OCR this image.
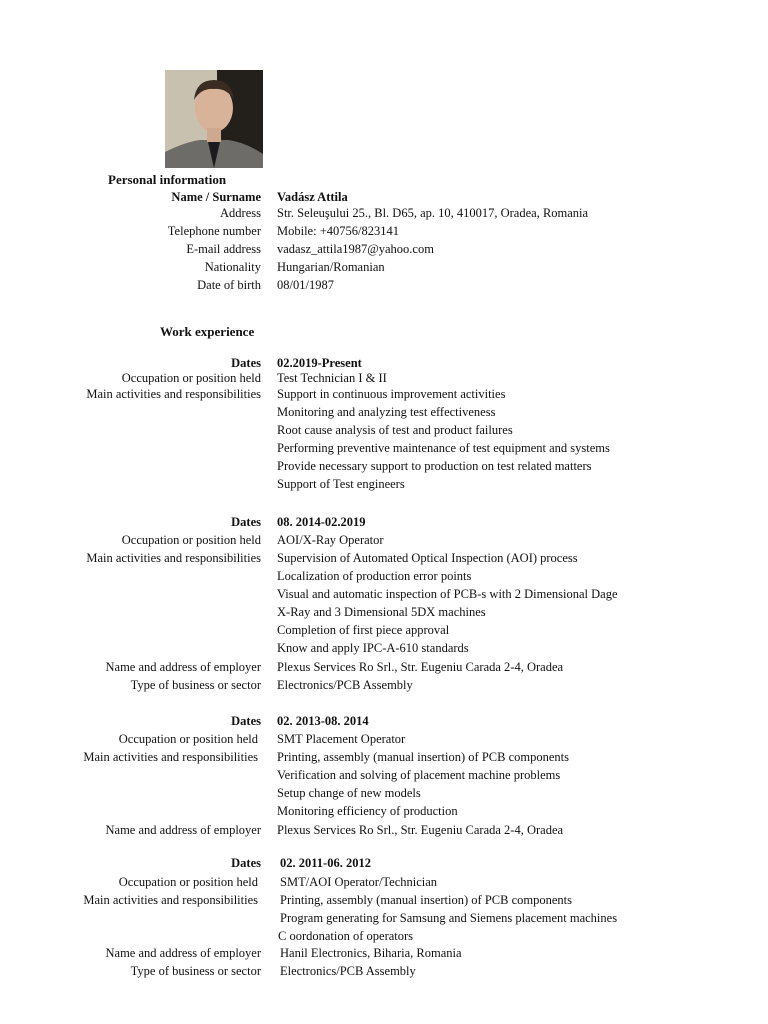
Personal information
Name / Surname Vadász Attila
Address Str. Seleuşului 25., Bl. D65, ap. 10, 410017, Oradea, Romania
Telephone number Mobile: +40756/823141
E-mail address vadasz_attila1987@yahoo.com
Nationality Hungarian/Romanian
Date of birth 08/01/1987
Work experience
Dates 02.2019-Present
Occupation or position held Test Technician I & II
Main activities and responsibilities Support in continuous improvement activities
Monitoring and analyzing test effectiveness
Root cause analysis of test and product failures
Performing preventive maintenance of test equipment and systems
Provide necessary support to production on test related matters
Support of Test engineers
Dates 08. 2014-02.2019
Occupation or position held AOI/X-Ray Operator
Main activities and responsibilities Supervision of Automated Optical Inspection (AOI) process
Localization of production error points
Visual and automatic inspection of PCB-s with 2 Dimensional Dage
X-Ray and 3 Dimensional 5DX machines
Completion of first piece approval
Know and apply IPC-A-610 standards
Name and address of employer Plexus Services Ro Srl., Str. Eugeniu Carada 2-4, Oradea
Type of business or sector Electronics/PCB Assembly
Dates 02. 2013-08. 2014
Occupation or position held SMT Placement Operator
Main activities and responsibilities Printing, assembly (manual insertion) of PCB components
Verification and solving of placement machine problems
Setup change of new models
Monitoring efficiency of production
Name and address of employer Plexus Services Ro Srl., Str. Eugeniu Carada 2-4, Oradea
Dates 02. 2011-06. 2012
Occupation or position held SMT/AOI Operator/Technician
Main activities and responsibilities Printing, assembly (manual insertion) of PCB components
Program generating for Samsung and Siemens placement machines
C oordonation of operators
Name and address of employer Hanil Electronics, Biharia, Romania
Type of business or sector Electronics/PCB Assembly
